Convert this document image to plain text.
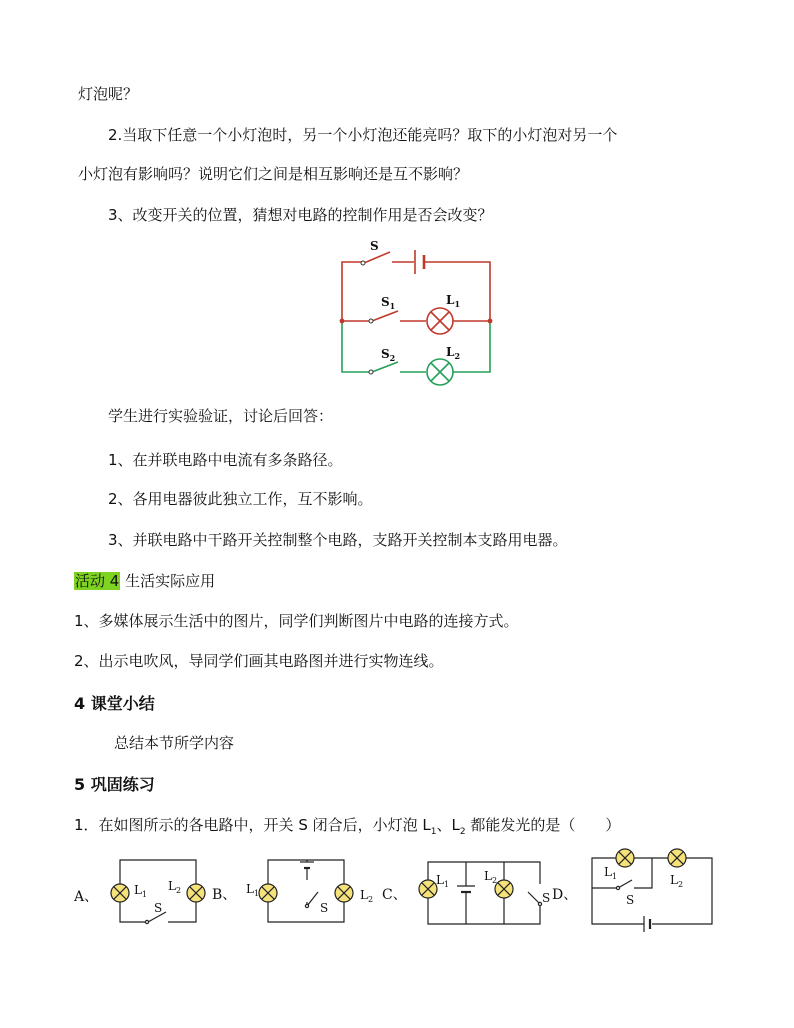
灯泡呢？
2.当取下任意一个小灯泡时，另一个小灯泡还能亮吗？取下的小灯泡对另一个
小灯泡有影响吗？说明它们之间是相互影响还是互不影响？
3、改变开关的位置，猜想对电路的控制作用是否会改变？
S
$S_1$	$L_1$
$S_2$	$L_2$
学生进行实验验证，讨论后回答：
1、在并联电路中电流有多条路径。
2、各用电器彼此独立工作，互不影响。
3、并联电路中干路开关控制整个电路，支路开关控制本支路用电器。
活动 4 生活实际应用
1、多媒体展示生活中的图片，同学们判断图片中电路的连接方式。
2、出示电吹风，导同学们画其电路图并进行实物连线。
4 课堂小结
总结本节所学内容
5 巩固练习
1．在如图所示的各电路中，开关 S 闭合后，小灯泡 $L_1$、$L_2$ 都能发光的是（　　）
A、	B、	C、	D、
$L_1$
$L_2$
S
$L_1$	$L_2$
S
$L_1$
$L_2$
S
$L_1$	$L_2$
S
